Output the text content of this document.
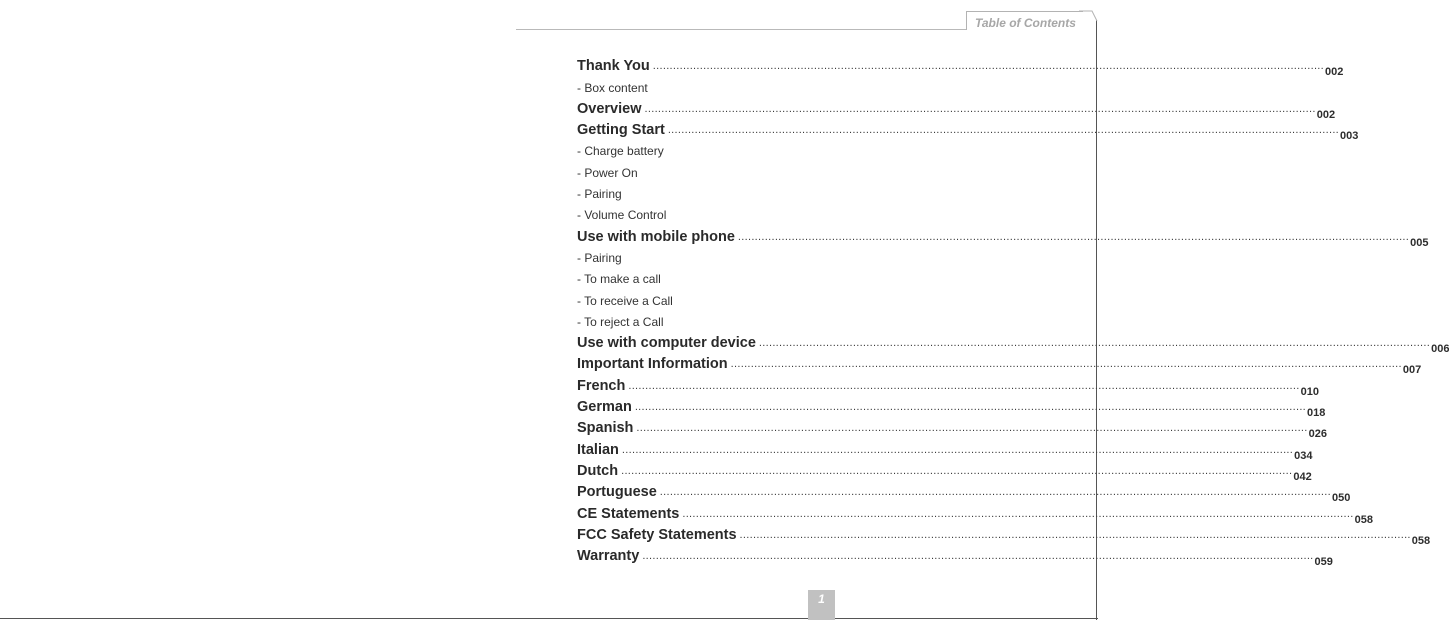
Table of Contents
Thank You ........................................................................................................................................................................................................ 002
- Box content
Overview ........................................................................................................................................................................................................ 002
Getting Start ........................................................................................................................................................................................................ 003
- Charge battery
- Power On
- Pairing
- Volume Control
Use with mobile phone ........................................................................................................................................................................................................ 005
- Pairing
- To make a call
- To receive a Call
- To reject a Call
Use with computer device ........................................................................................................................................................................................................ 006
Important Information ........................................................................................................................................................................................................ 007
French ........................................................................................................................................................................................................ 010
German ........................................................................................................................................................................................................ 018
Spanish ........................................................................................................................................................................................................ 026
Italian ........................................................................................................................................................................................................ 034
Dutch ........................................................................................................................................................................................................ 042
Portuguese ........................................................................................................................................................................................................ 050
CE Statements ........................................................................................................................................................................................................ 058
FCC Safety Statements ........................................................................................................................................................................................................ 058
Warranty ........................................................................................................................................................................................................ 059
1
